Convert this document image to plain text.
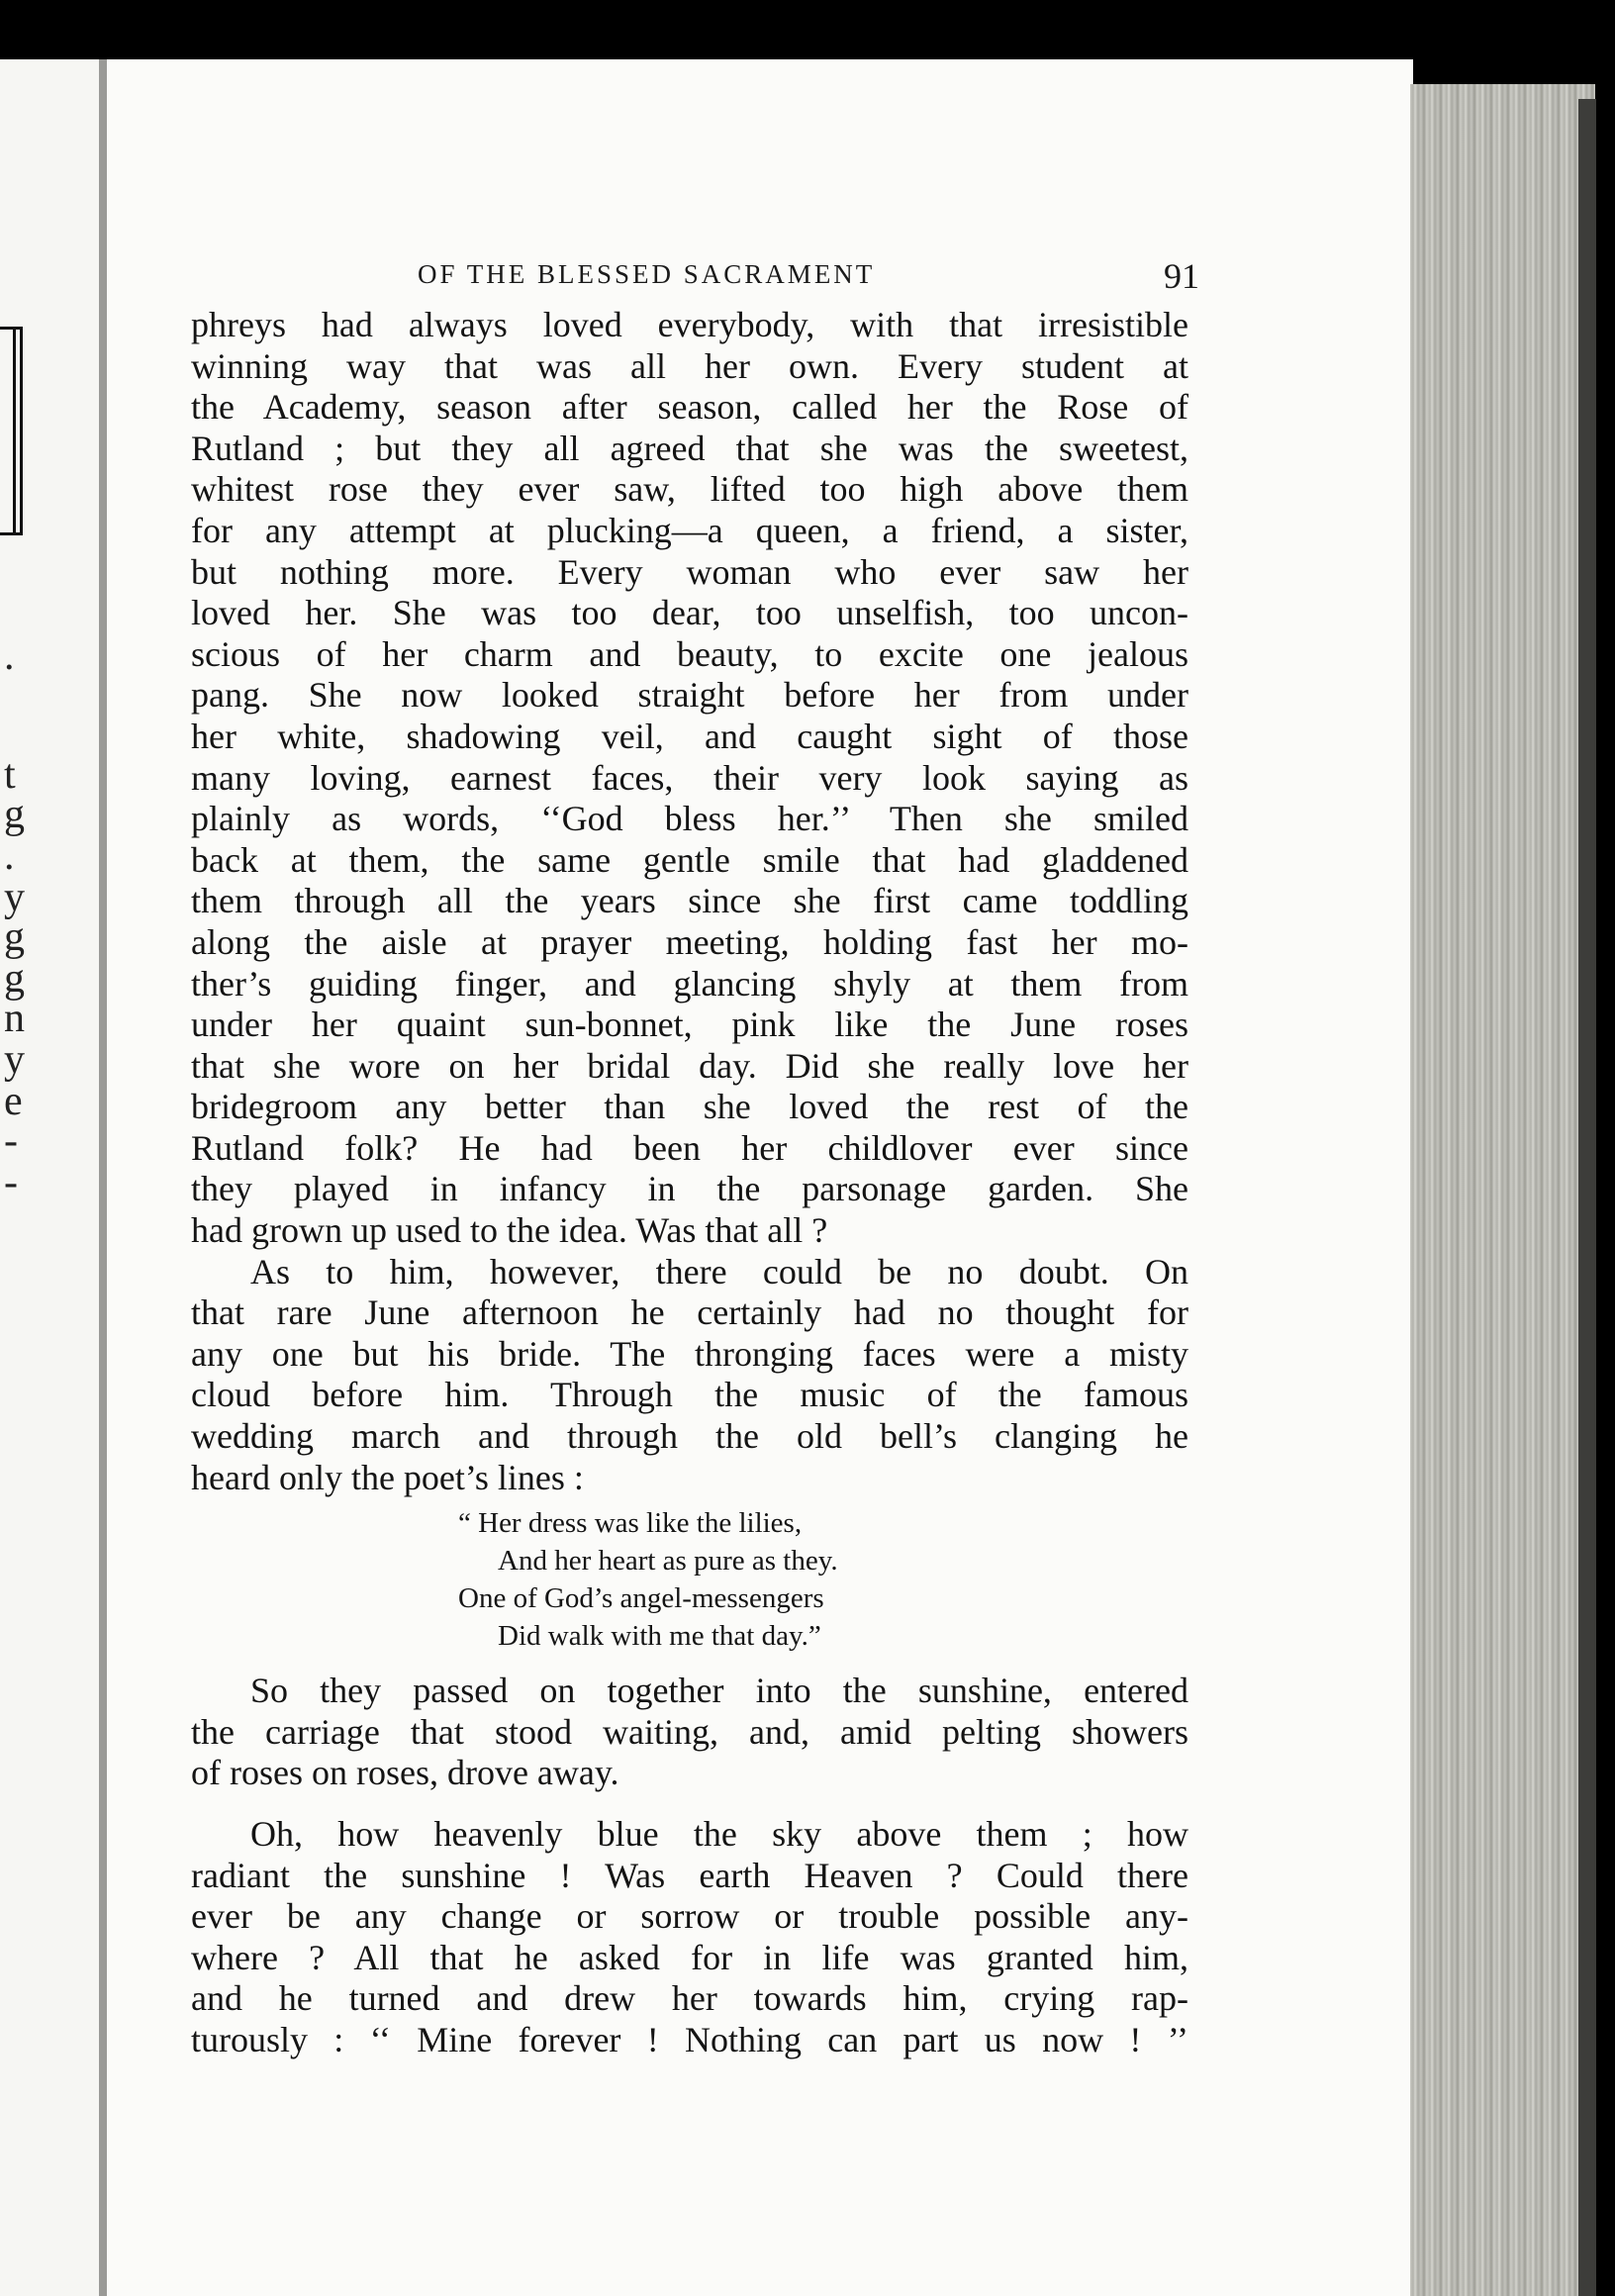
.
t
g
.
y
g
g
n
y
e
-
-
OF THE BLESSED SACRAMENT	91
phreys had always loved everybody, with that irresistible
winning way that was all her own. Every student at
the Academy, season after season, called her the Rose of
Rutland ; but they all agreed that she was the sweetest,
whitest rose they ever saw, lifted too high above them
for any attempt at plucking—a queen, a friend, a sister,
but nothing more. Every woman who ever saw her
loved her. She was too dear, too unselfish, too uncon-
scious of her charm and beauty, to excite one jealous
pang. She now looked straight before her from under
her white, shadowing veil, and caught sight of those
many loving, earnest faces, their very look saying as
plainly as words, ‘‘God bless her.’’ Then she smiled
back at them, the same gentle smile that had gladdened
them through all the years since she first came toddling
along the aisle at prayer meeting, holding fast her mo-
ther’s guiding finger, and glancing shyly at them from
under her quaint sun-bonnet, pink like the June roses
that she wore on her bridal day. Did she really love her
bridegroom any better than she loved the rest of the
Rutland folk? He had been her childlover ever since
they played in infancy in the parsonage garden. She
had grown up used to the idea. Was that all ?
As to him, however, there could be no doubt. On
that rare June afternoon he certainly had no thought for
any one but his bride. The thronging faces were a misty
cloud before him. Through the music of the famous
wedding march and through the old bell’s clanging he
heard only the poet’s lines :
“ Her dress was like the lilies,
And her heart as pure as they.
One of God’s angel-messengers
Did walk with me that day.”
So they passed on together into the sunshine, entered
the carriage that stood waiting, and, amid pelting showers
of roses on roses, drove away.
Oh, how heavenly blue the sky above them ; how
radiant the sunshine ! Was earth Heaven ? Could there
ever be any change or sorrow or trouble possible any-
where ? All that he asked for in life was granted him,
and he turned and drew her towards him, crying rap-
turously : ‘‘ Mine forever ! Nothing can part us now ! ’’
